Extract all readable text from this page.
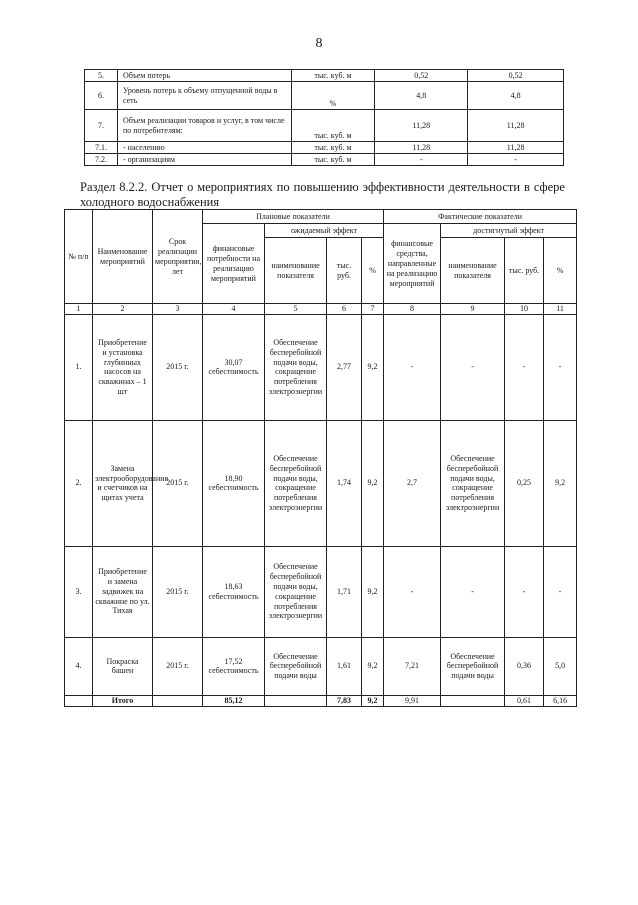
8
5.	Объем потерь	тыс. куб. м	0,52	0,52
6.	Уровень потерь к объему отпущенной воды в сеть	%	4,8	4,8
7.	Объем реализации товаров и услуг, в том числе по потребителям:	тыс. куб. м	11,28	11,28
7.1.	- населению	тыс. куб. м	11,28	11,28
7.2.	- организациям	тыс. куб. м	-	-
Раздел 8.2.2. Отчет о мероприятиях по повышению эффективности деятельности в сфере холодного водоснабжения
№ п/п	Наименование мероприятий	Срок реализации мероприятия, лет	Плановые показатели				Фактические показатели			
			финансовые потребности на реализацию мероприятий	ожидаемый эффект			финансовые средства, направленные на реализацию мероприятий	достигнутый эффект		
				наименование показателя	тыс. руб.	%		наименование показателя	тыс. руб.	%
1	2	3	4	5	6	7	8	9	10	11
1.	Приобретение и установка глубинных насосов на скважинах – 1 шт	2015 г.	30,07 себестоимость	Обеспечение бесперебойной подачи воды, сокращение потребления электроэнергии	2,77	9,2	-	-	-	-
2.	Замена электрооборудования и счетчиков на щитах учета	2015 г.	18,90 себестоимость	Обеспечение бесперебойной подачи воды, сокращение потребления электроэнергии	1,74	9,2	2,7	Обеспечение бесперебойной подачи воды, сокращение потребления электроэнергии	0,25	9,2
3.	Приобретение и замена задвижек на скважине по ул. Тихая	2015 г.	18,63 себестоимость	Обеспечение бесперебойной подачи воды, сокращение потребления электроэнергии	1,71	9,2	-	-	-	-
4.	Покраска башен	2015 г.	17,52 себестоимость	Обеспечение бесперебойной подачи воды	1,61	9,2	7,21	Обеспечение бесперебойной подачи воды	0,36	5,0
	Итого		85,12		7,83	9,2	9,91		0,61	6,16
